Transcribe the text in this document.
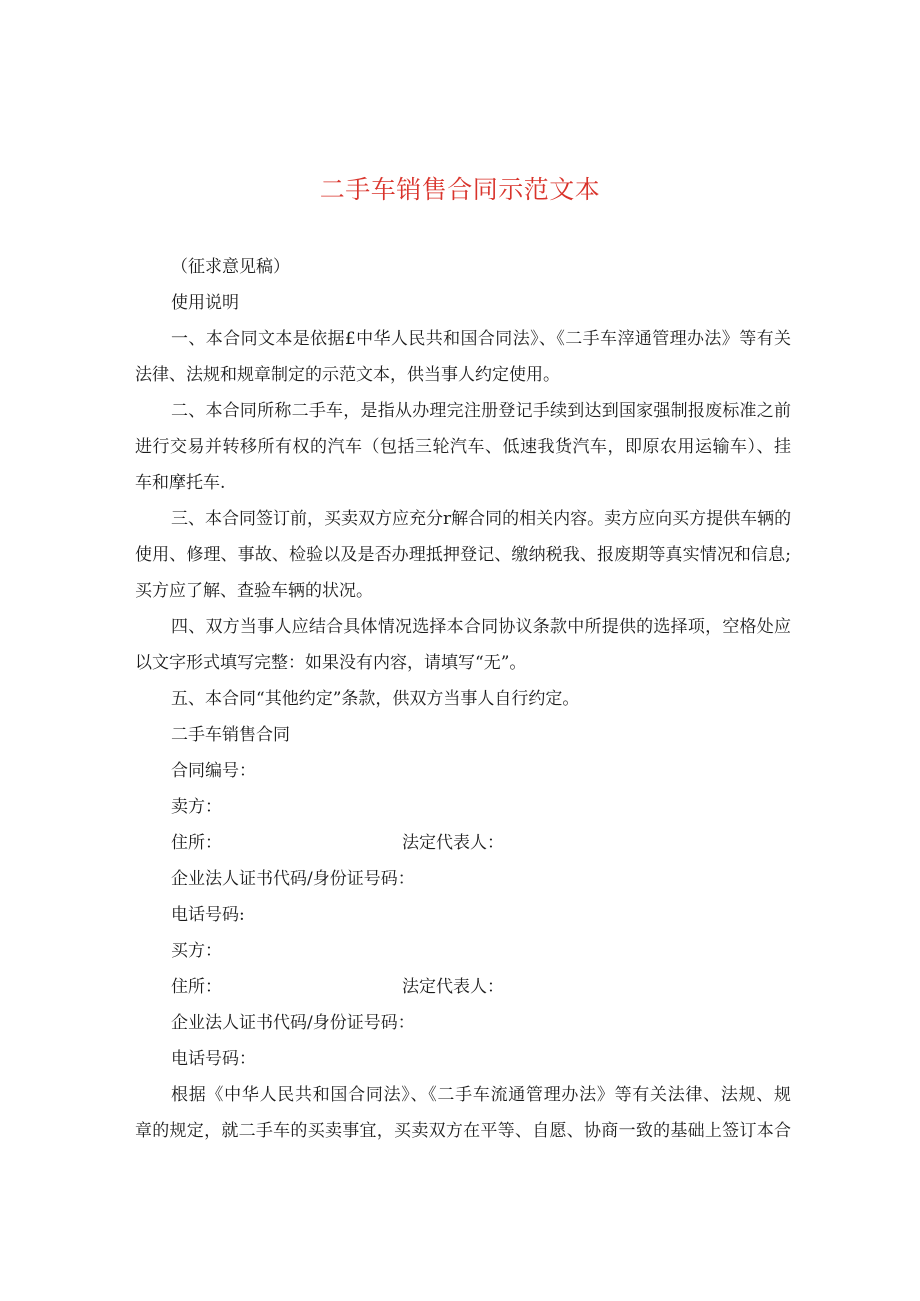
二手车销售合同示范文本

（征求意见稿）

使用说明

一、本合同文本是依据£中华人民共和国合同法》、《二手车滓通管理办法》等有关

法律、法规和规章制定的示范文本，供当事人约定使用。

二、本合同所称二手车，是指从办理完注册登记手续到达到国家强制报废标准之前

进行交易并转移所有权的汽车（包括三轮汽车、低速我货汽车，即原农用运输车）、挂

车和摩托车.

三、本合同签订前，买卖双方应充分r解合同的相关内容。卖方应向买方提供车辆的

使用、修理、事故、检验以及是否办理抵押登记、缴纳税我、报废期等真实情况和信息;

买方应了解、查验车辆的状况。

四、双方当事人应结合具体情况选择本合同协议条款中所提供的选择项，空格处应

以文字形式填写完整：如果没有内容，请填写“无”。

五、本合同“其他约定”条款，供双方当事人自行约定。

二手车销售合同

合同编号：

卖方：

住所：	法定代表人：

企业法人证书代码/身份证号码：

电话号码:

买方：

住所：	法定代表人：

企业法人证书代码/身份证号码：

电话号码：

根据《中华人民共和国合同法》、《二手车流通管理办法》等有关法律、法规、规

章的规定，就二手车的买卖事宜，买卖双方在平等、自愿、协商一致的基础上签订本合
